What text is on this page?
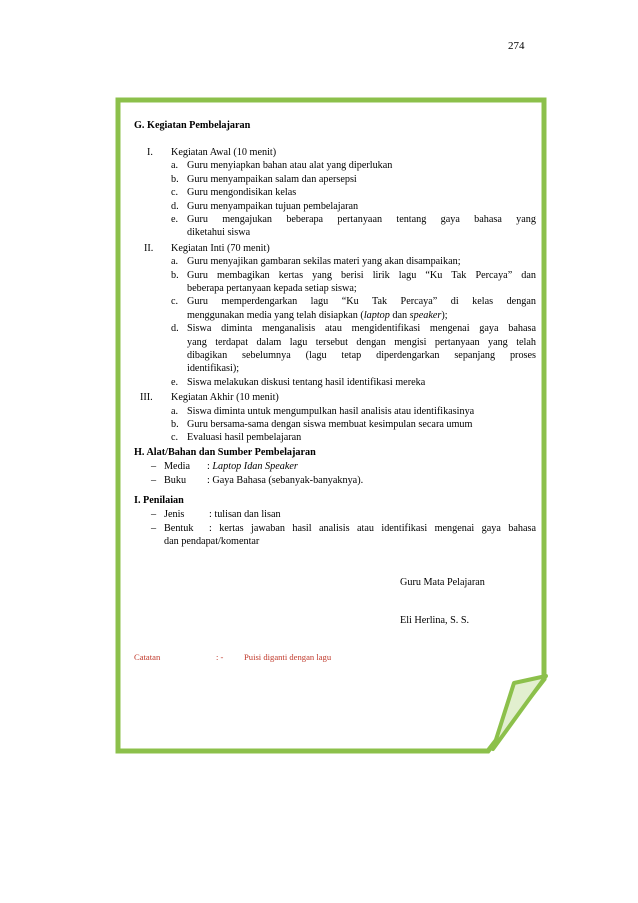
274
G. Kegiatan Pembelajaran
I. Kegiatan Awal (10 menit)
a. Guru menyiapkan bahan atau alat yang diperlukan
b. Guru menyampaikan salam dan apersepsi
c. Guru mengondisikan kelas
d. Guru menyampaikan tujuan pembelajaran
e. Guru mengajukan beberapa pertanyaan tentang gaya bahasa yang
diketahui siswa
II. Kegiatan Inti (70 menit)
a. Guru menyajikan gambaran sekilas materi yang akan disampaikan;
b. Guru membagikan kertas yang berisi lirik lagu “Ku Tak Percaya” dan
beberapa pertanyaan kepada setiap siswa;
c. Guru memperdengarkan lagu “Ku Tak Percaya” di kelas dengan
menggunakan media yang telah disiapkan (laptop dan speaker);
d. Siswa diminta menganalisis atau mengidentifikasi mengenai gaya bahasa
yang terdapat dalam lagu tersebut dengan mengisi pertanyaan yang telah
dibagikan sebelumnya (lagu tetap diperdengarkan sepanjang proses
identifikasi);
e. Siswa melakukan diskusi tentang hasil identifikasi mereka
III. Kegiatan Akhir (10 menit)
a. Siswa diminta untuk mengumpulkan hasil analisis atau identifikasinya
b. Guru bersama-sama dengan siswa membuat kesimpulan secara umum
c. Evaluasi hasil pembelajaran
H. Alat/Bahan dan Sumber Pembelajaran
– Media : Laptop Idan Speaker
– Buku : Gaya Bahasa (sebanyak-banyaknya).
I. Penilaian
– Jenis : tulisan dan lisan
– Bentuk : kertas jawaban hasil analisis atau identifikasi mengenai gaya bahasa
dan pendapat/komentar
Guru Mata Pelajaran
Eli Herlina, S. S.
Catatan	: - Puisi diganti dengan lagu
